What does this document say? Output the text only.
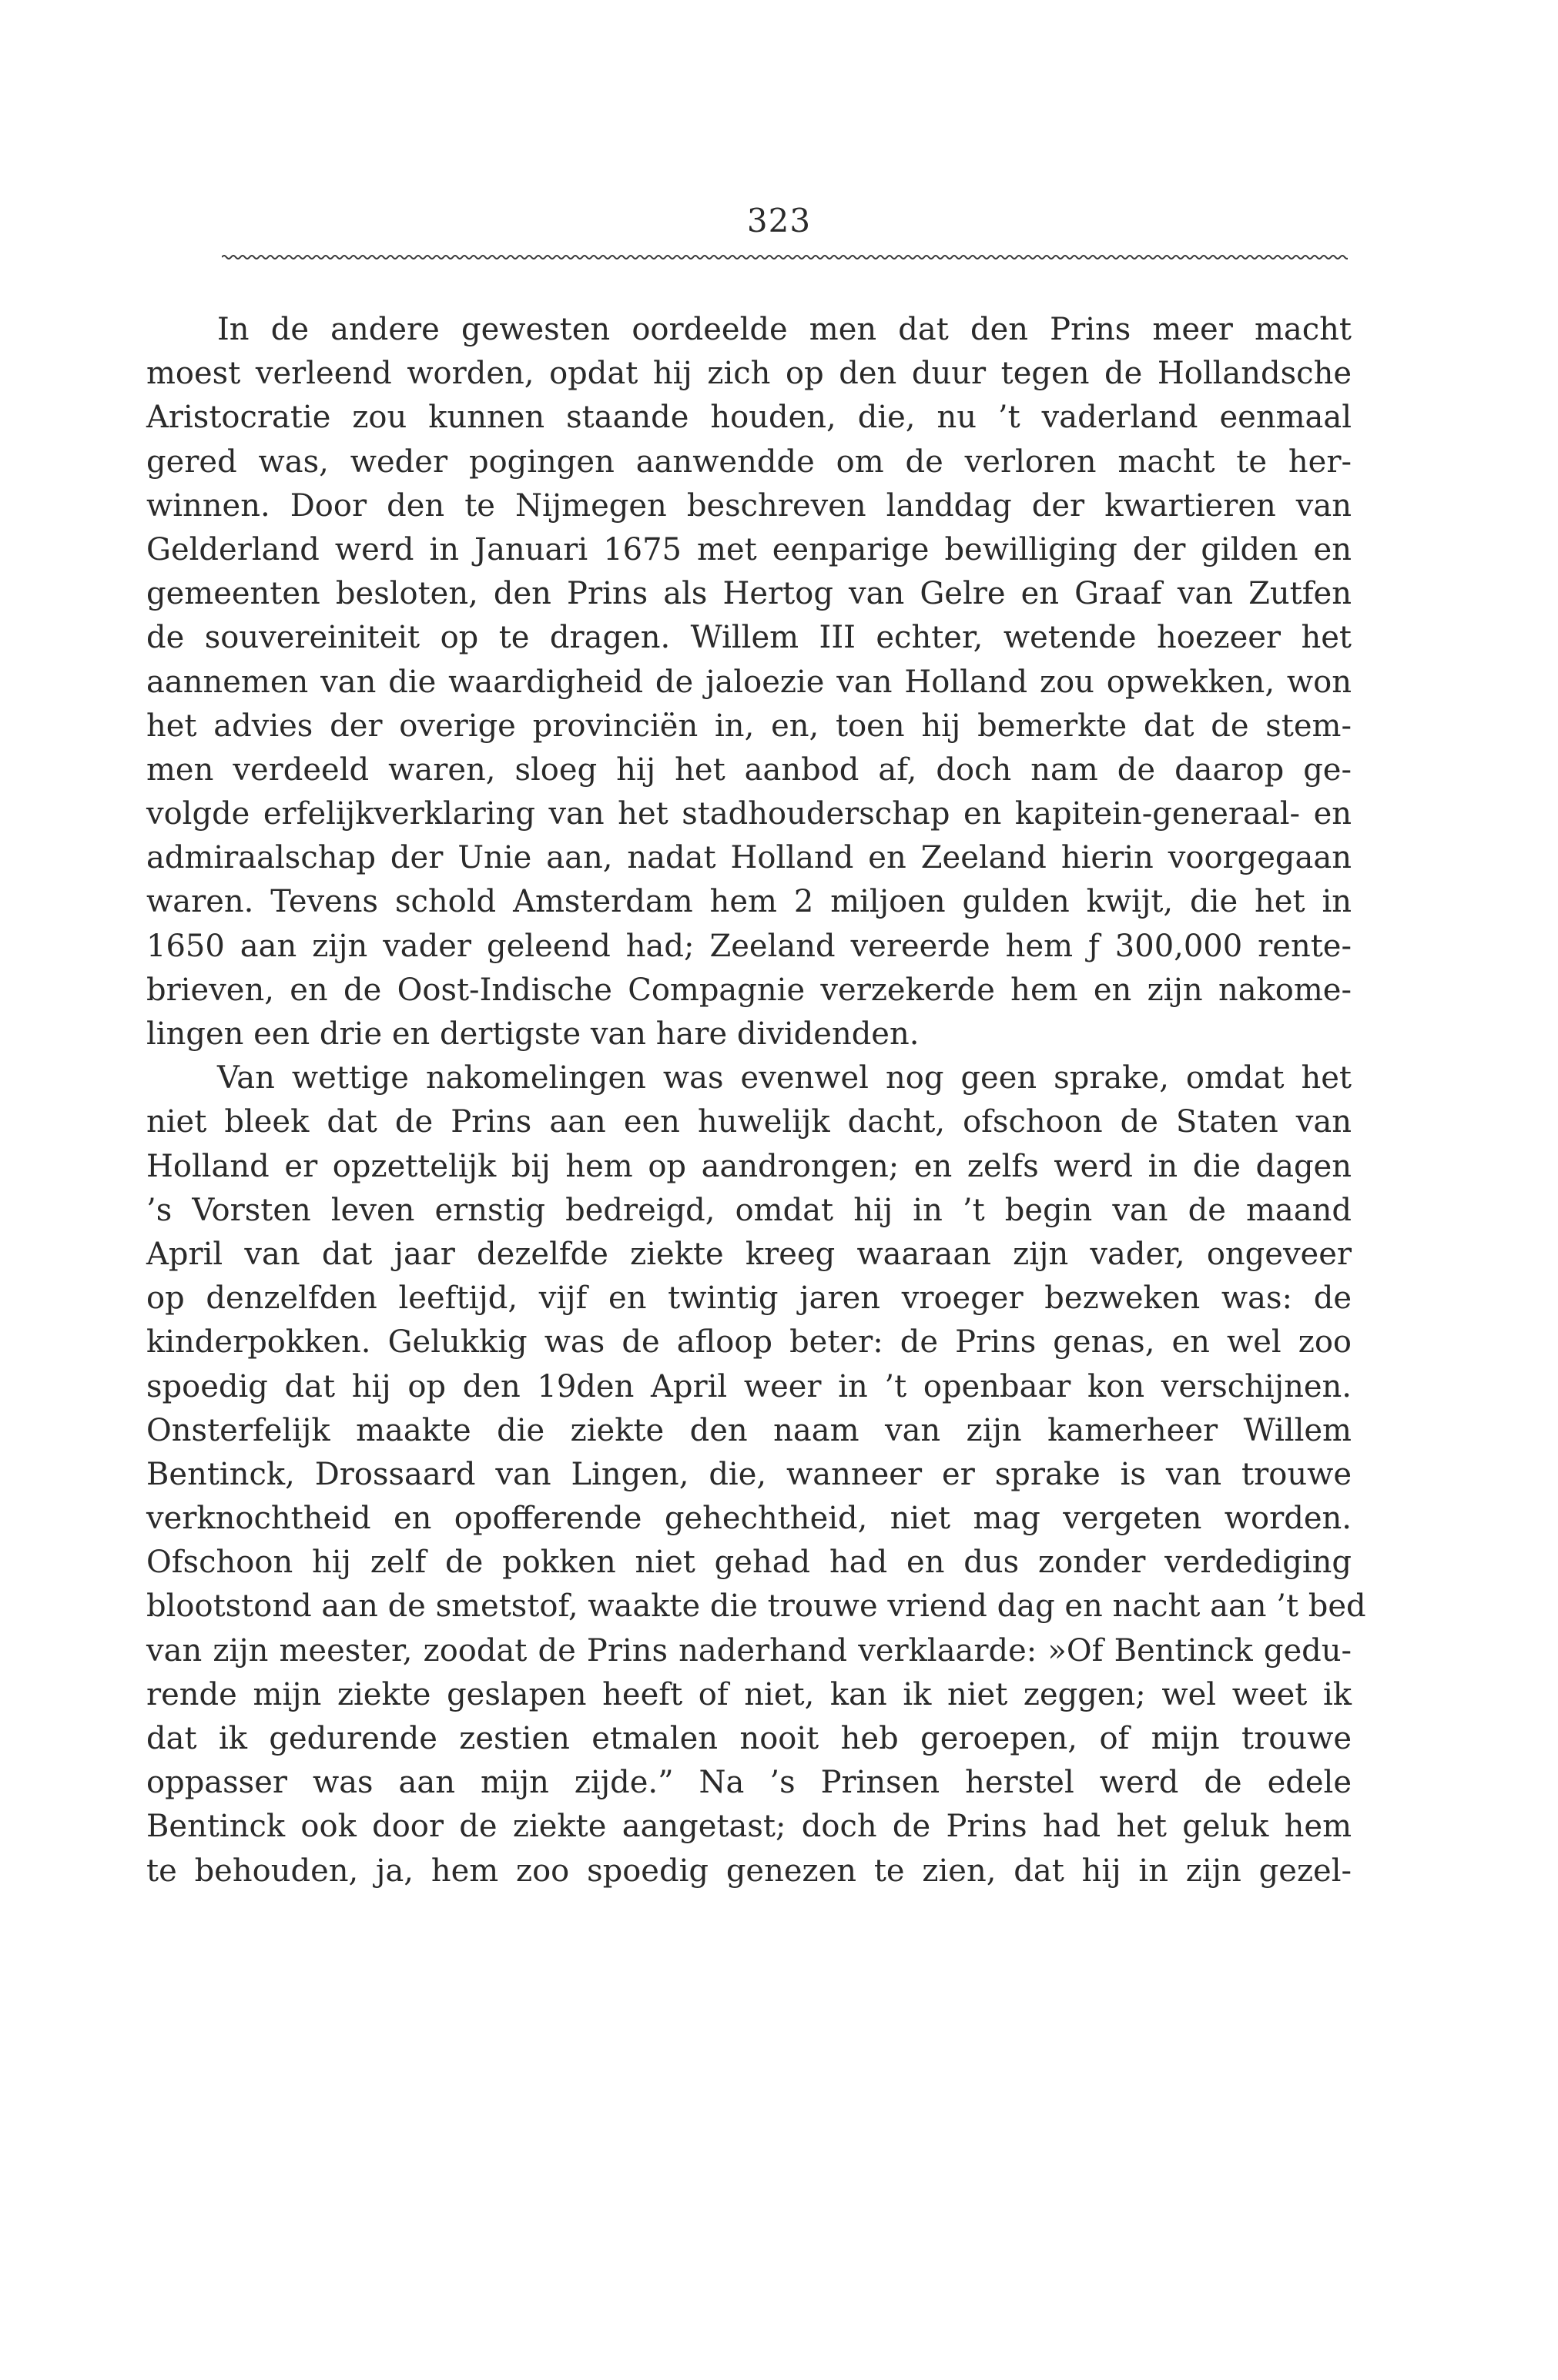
323
In de andere gewesten oordeelde men dat den Prins meer macht
moest verleend worden, opdat hij zich op den duur tegen de Hollandsche
Aristocratie zou kunnen staande houden, die, nu ’t vaderland eenmaal
gered was, weder pogingen aanwendde om de verloren macht te her-
winnen. Door den te Nijmegen beschreven landdag der kwartieren van
Gelderland werd in Januari 1675 met eenparige bewilliging der gilden en
gemeenten besloten, den Prins als Hertog van Gelre en Graaf van Zutfen
de souvereiniteit op te dragen. Willem III echter, wetende hoezeer het
aannemen van die waardigheid de jaloezie van Holland zou opwekken, won
het advies der overige provinciën in, en, toen hij bemerkte dat de stem-
men verdeeld waren, sloeg hij het aanbod af, doch nam de daarop ge-
volgde erfelijkverklaring van het stadhouderschap en kapitein-generaal- en
admiraalschap der Unie aan, nadat Holland en Zeeland hierin voorgegaan
waren. Tevens schold Amsterdam hem 2 miljoen gulden kwijt, die het in
1650 aan zijn vader geleend had; Zeeland vereerde hem ƒ 300,000 rente-
brieven, en de Oost-Indische Compagnie verzekerde hem en zijn nakome-
lingen een drie en dertigste van hare dividenden.
Van wettige nakomelingen was evenwel nog geen sprake, omdat het
niet bleek dat de Prins aan een huwelijk dacht, ofschoon de Staten van
Holland er opzettelijk bij hem op aandrongen; en zelfs werd in die dagen
’s Vorsten leven ernstig bedreigd, omdat hij in ’t begin van de maand
April van dat jaar dezelfde ziekte kreeg waaraan zijn vader, ongeveer
op denzelfden leeftijd, vijf en twintig jaren vroeger bezweken was: de
kinderpokken. Gelukkig was de afloop beter: de Prins genas, en wel zoo
spoedig dat hij op den 19den April weer in ’t openbaar kon verschijnen.
Onsterfelijk maakte die ziekte den naam van zijn kamerheer Willem
Bentinck, Drossaard van Lingen, die, wanneer er sprake is van trouwe
verknochtheid en opofferende gehechtheid, niet mag vergeten worden.
Ofschoon hij zelf de pokken niet gehad had en dus zonder verdediging
blootstond aan de smetstof, waakte die trouwe vriend dag en nacht aan ’t bed
van zijn meester, zoodat de Prins naderhand verklaarde: »Of Bentinck gedu-
rende mijn ziekte geslapen heeft of niet, kan ik niet zeggen; wel weet ik
dat ik gedurende zestien etmalen nooit heb geroepen, of mijn trouwe
oppasser was aan mijn zijde.” Na ’s Prinsen herstel werd de edele
Bentinck ook door de ziekte aangetast; doch de Prins had het geluk hem
te behouden, ja, hem zoo spoedig genezen te zien, dat hij in zijn gezel-
